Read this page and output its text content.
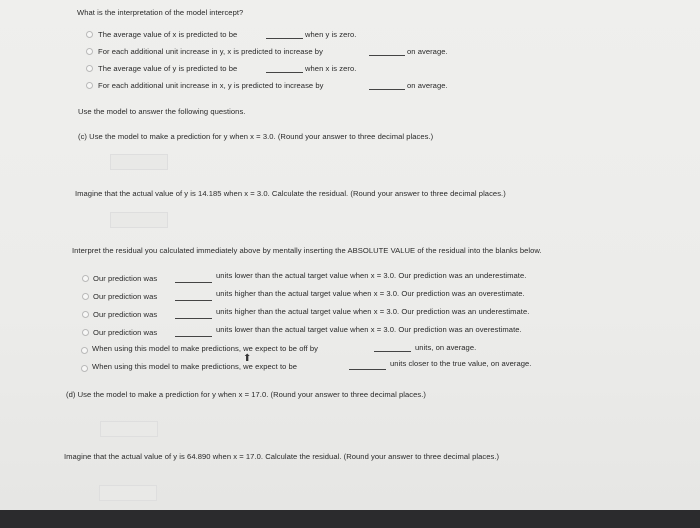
What is the interpretation of the model intercept?
The average value of x is predicted to be	when y is zero.
For each additional unit increase in y, x is predicted to increase by	on average.
The average value of y is predicted to be	when x is zero.
For each additional unit increase in x, y is predicted to increase by	on average.
Use the model to answer the following questions.
(c) Use the model to make a prediction for y when x = 3.0. (Round your answer to three decimal places.)
Imagine that the actual value of y is 14.185 when x = 3.0. Calculate the residual. (Round your answer to three decimal places.)
Interpret the residual you calculated immediately above by mentally inserting the ABSOLUTE VALUE of the residual into the blanks below.
Our prediction was	units lower than the actual target value when x = 3.0. Our prediction was an underestimate.
Our prediction was	units higher than the actual target value when x = 3.0. Our prediction was an overestimate.
Our prediction was	units higher than the actual target value when x = 3.0. Our prediction was an underestimate.
Our prediction was	units lower than the actual target value when x = 3.0. Our prediction was an overestimate.
When using this model to make predictions, we expect to be off by	units, on average.
⬆
When using this model to make predictions, we expect to be	units closer to the true value, on average.
(d) Use the model to make a prediction for y when x = 17.0. (Round your answer to three decimal places.)
Imagine that the actual value of y is 64.890 when x = 17.0. Calculate the residual. (Round your answer to three decimal places.)
